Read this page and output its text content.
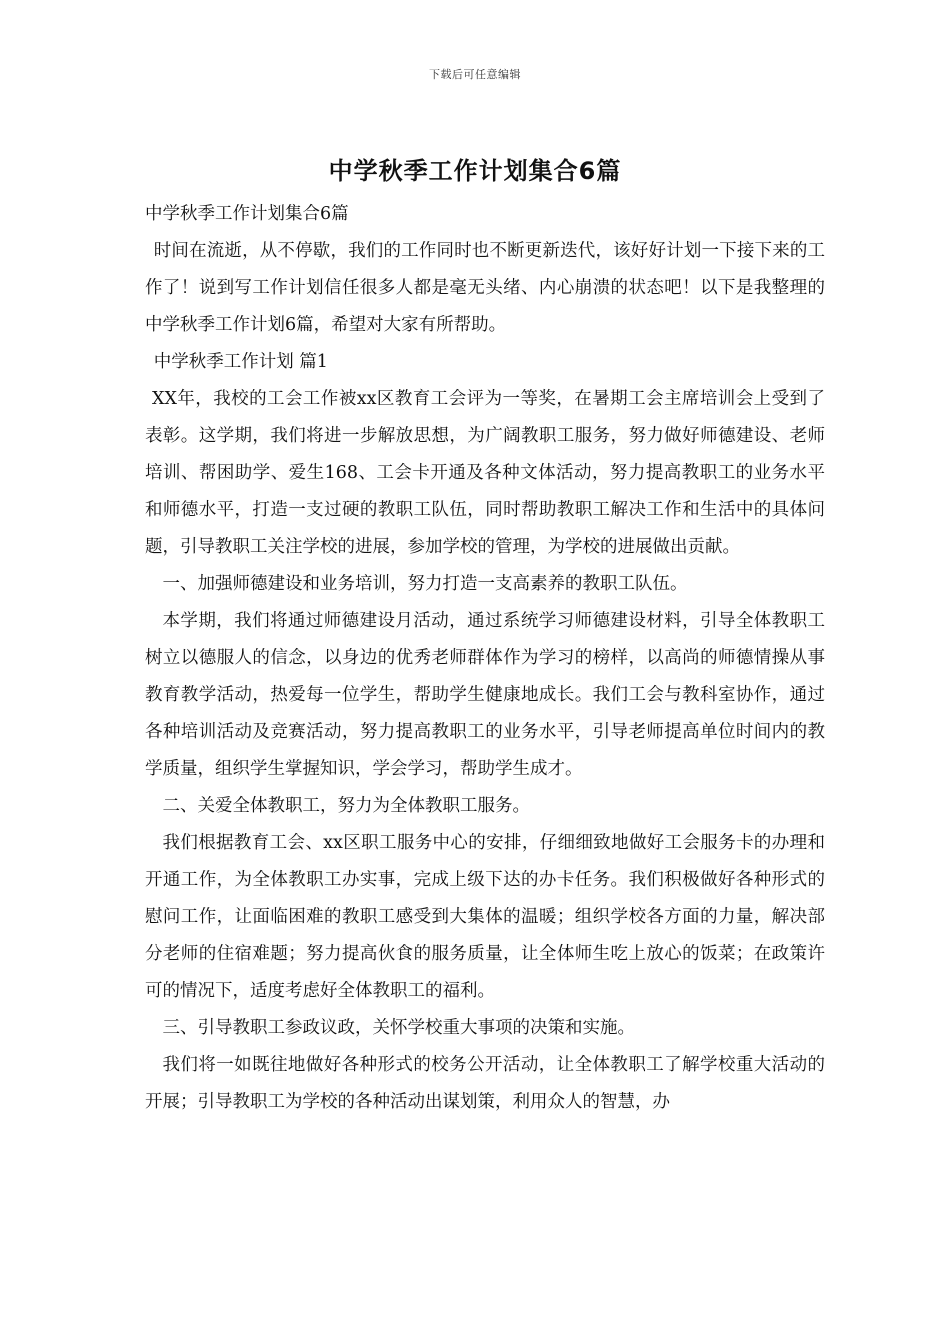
下载后可任意编辑
中学秋季工作计划集合6篇

中学秋季工作计划集合6篇

时间在流逝，从不停歇，我们的工作同时也不断更新迭代，该好好计划一下接下来的工作了！说到写工作计划信任很多人都是毫无头绪、内心崩溃的状态吧！以下是我整理的中学秋季工作计划6篇，希望对大家有所帮助。

中学秋季工作计划 篇1

XX年，我校的工会工作被xx区教育工会评为一等奖，在暑期工会主席培训会上受到了表彰。这学期，我们将进一步解放思想，为广阔教职工服务，努力做好师德建设、老师培训、帮困助学、爱生168、工会卡开通及各种文体活动，努力提高教职工的业务水平和师德水平，打造一支过硬的教职工队伍，同时帮助教职工解决工作和生活中的具体问题，引导教职工关注学校的进展，参加学校的管理，为学校的进展做出贡献。

一、加强师德建设和业务培训，努力打造一支高素养的教职工队伍。

本学期，我们将通过师德建设月活动，通过系统学习师德建设材料，引导全体教职工树立以德服人的信念，以身边的优秀老师群体作为学习的榜样，以高尚的师德情操从事教育教学活动，热爱每一位学生，帮助学生健康地成长。我们工会与教科室协作，通过各种培训活动及竞赛活动，努力提高教职工的业务水平，引导老师提高单位时间内的教学质量，组织学生掌握知识，学会学习，帮助学生成才。

二、关爱全体教职工，努力为全体教职工服务。

我们根据教育工会、xx区职工服务中心的安排，仔细细致地做好工会服务卡的办理和开通工作，为全体教职工办实事，完成上级下达的办卡任务。我们积极做好各种形式的慰问工作，让面临困难的教职工感受到大集体的温暖；组织学校各方面的力量，解决部分老师的住宿难题；努力提高伙食的服务质量，让全体师生吃上放心的饭菜；在政策许可的情况下，适度考虑好全体教职工的福利。

三、引导教职工参政议政，关怀学校重大事项的决策和实施。

我们将一如既往地做好各种形式的校务公开活动，让全体教职工了解学校重大活动的开展；引导教职工为学校的各种活动出谋划策，利用众人的智慧，办
